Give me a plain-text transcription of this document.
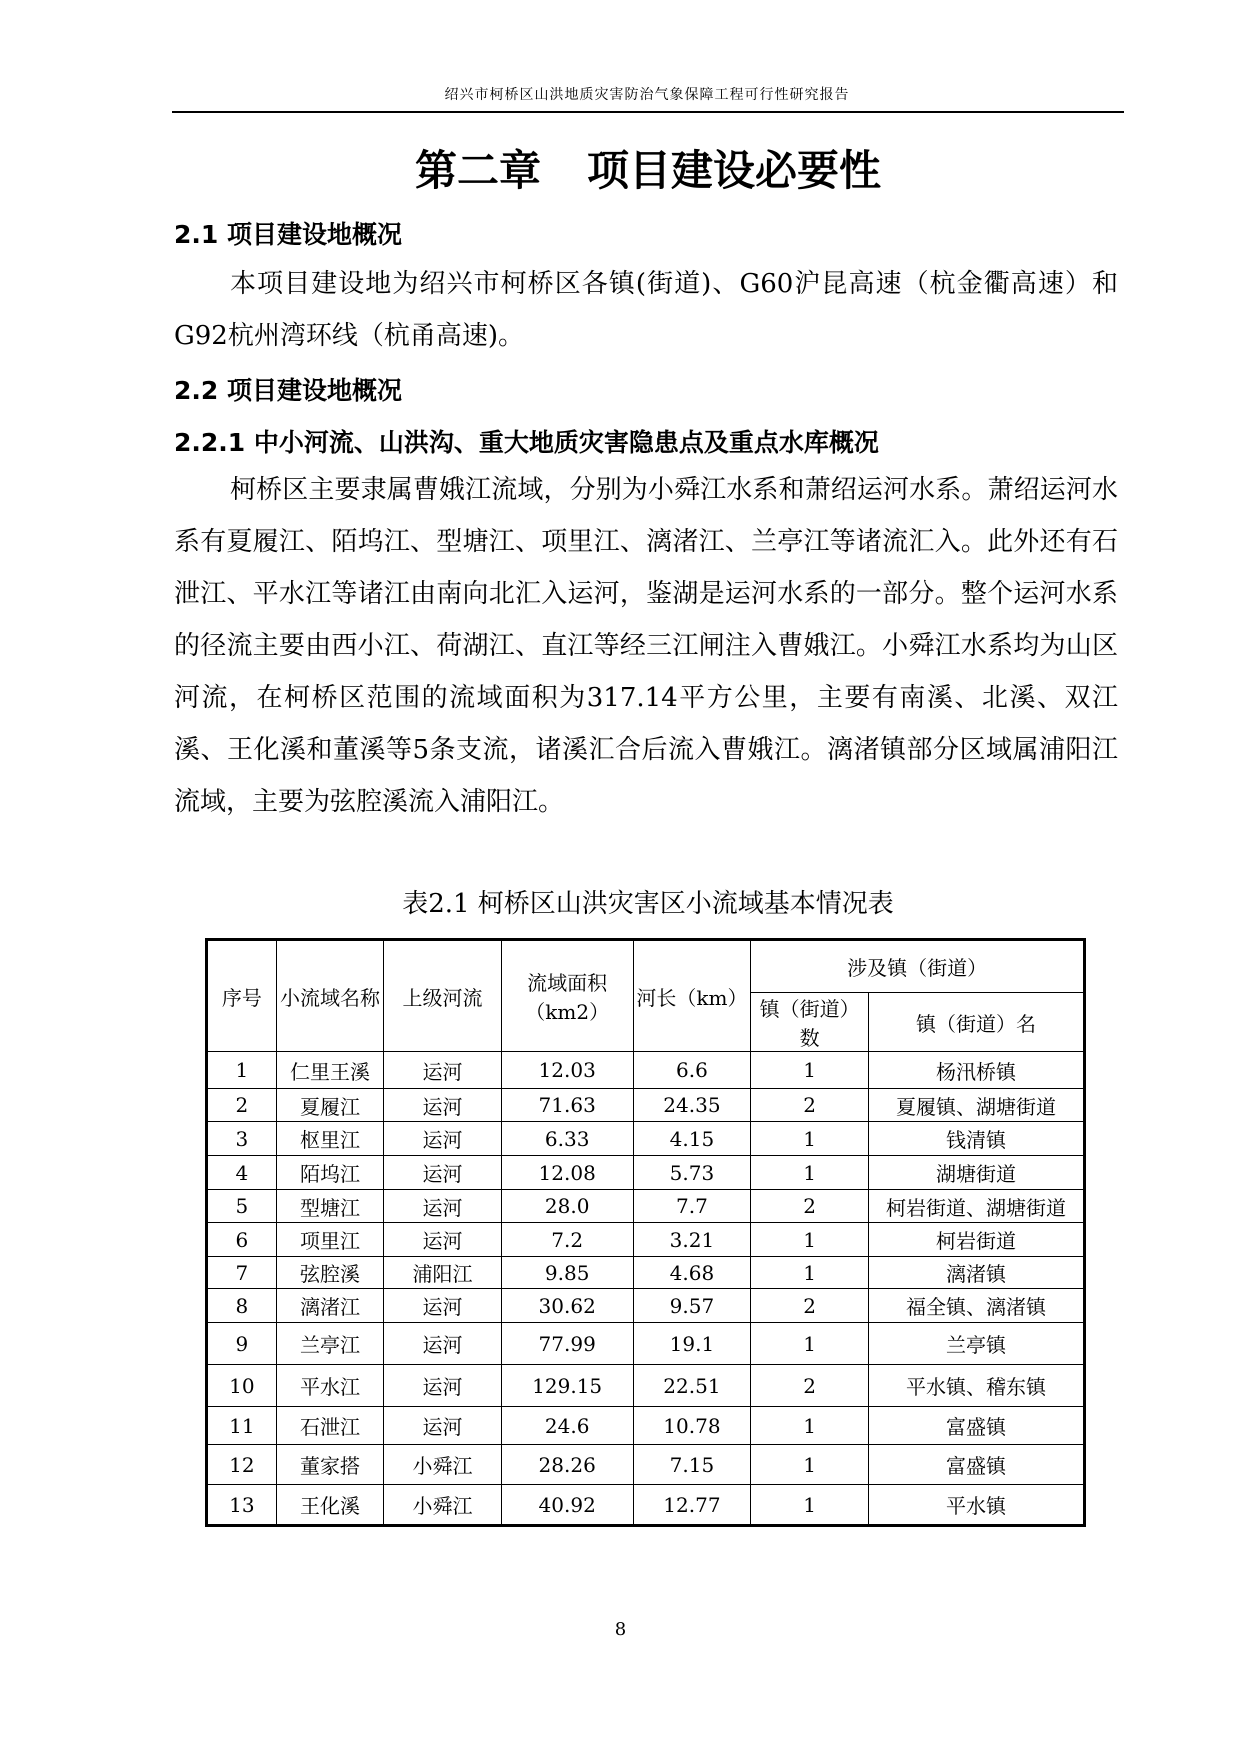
绍兴市柯桥区山洪地质灾害防治气象保障工程可行性研究报告
第二章 项目建设必要性
2.1 项目建设地概况
本项目建设地为绍兴市柯桥区各镇(街道)、G60沪昆高速（杭金衢高速）和G92杭州湾环线（杭甬高速)。
2.2 项目建设地概况
2.2.1 中小河流、山洪沟、重大地质灾害隐患点及重点水库概况
柯桥区主要隶属曹娥江流域，分别为小舜江水系和萧绍运河水系。萧绍运河水系有夏履江、陌坞江、型塘江、项里江、漓渚江、兰亭江等诸流汇入。此外还有石泄江、平水江等诸江由南向北汇入运河，鉴湖是运河水系的一部分。整个运河水系的径流主要由西小江、荷湖江、直江等经三江闸注入曹娥江。小舜江水系均为山区河流，在柯桥区范围的流域面积为317.14平方公里，主要有南溪、北溪、双江溪、王化溪和董溪等5条支流，诸溪汇合后流入曹娥江。漓渚镇部分区域属浦阳江流域，主要为弦腔溪流入浦阳江。
表2.1 柯桥区山洪灾害区小流域基本情况表
序号	小流域名称	上级河流	流域面积（km2）	河长（km）	涉及镇（街道）	
					镇（街道）数	镇（街道）名
1	仁里王溪	运河	12.03	6.6	1	杨汛桥镇
2	夏履江	运河	71.63	24.35	2	夏履镇、湖塘街道
3	枢里江	运河	6.33	4.15	1	钱清镇
4	陌坞江	运河	12.08	5.73	1	湖塘街道
5	型塘江	运河	28.0	7.7	2	柯岩街道、湖塘街道
6	项里江	运河	7.2	3.21	1	柯岩街道
7	弦腔溪	浦阳江	9.85	4.68	1	漓渚镇
8	漓渚江	运河	30.62	9.57	2	福全镇、漓渚镇
9	兰亭江	运河	77.99	19.1	1	兰亭镇
10	平水江	运河	129.15	22.51	2	平水镇、稽东镇
11	石泄江	运河	24.6	10.78	1	富盛镇
12	董家搭	小舜江	28.26	7.15	1	富盛镇
13	王化溪	小舜江	40.92	12.77	1	平水镇
8
